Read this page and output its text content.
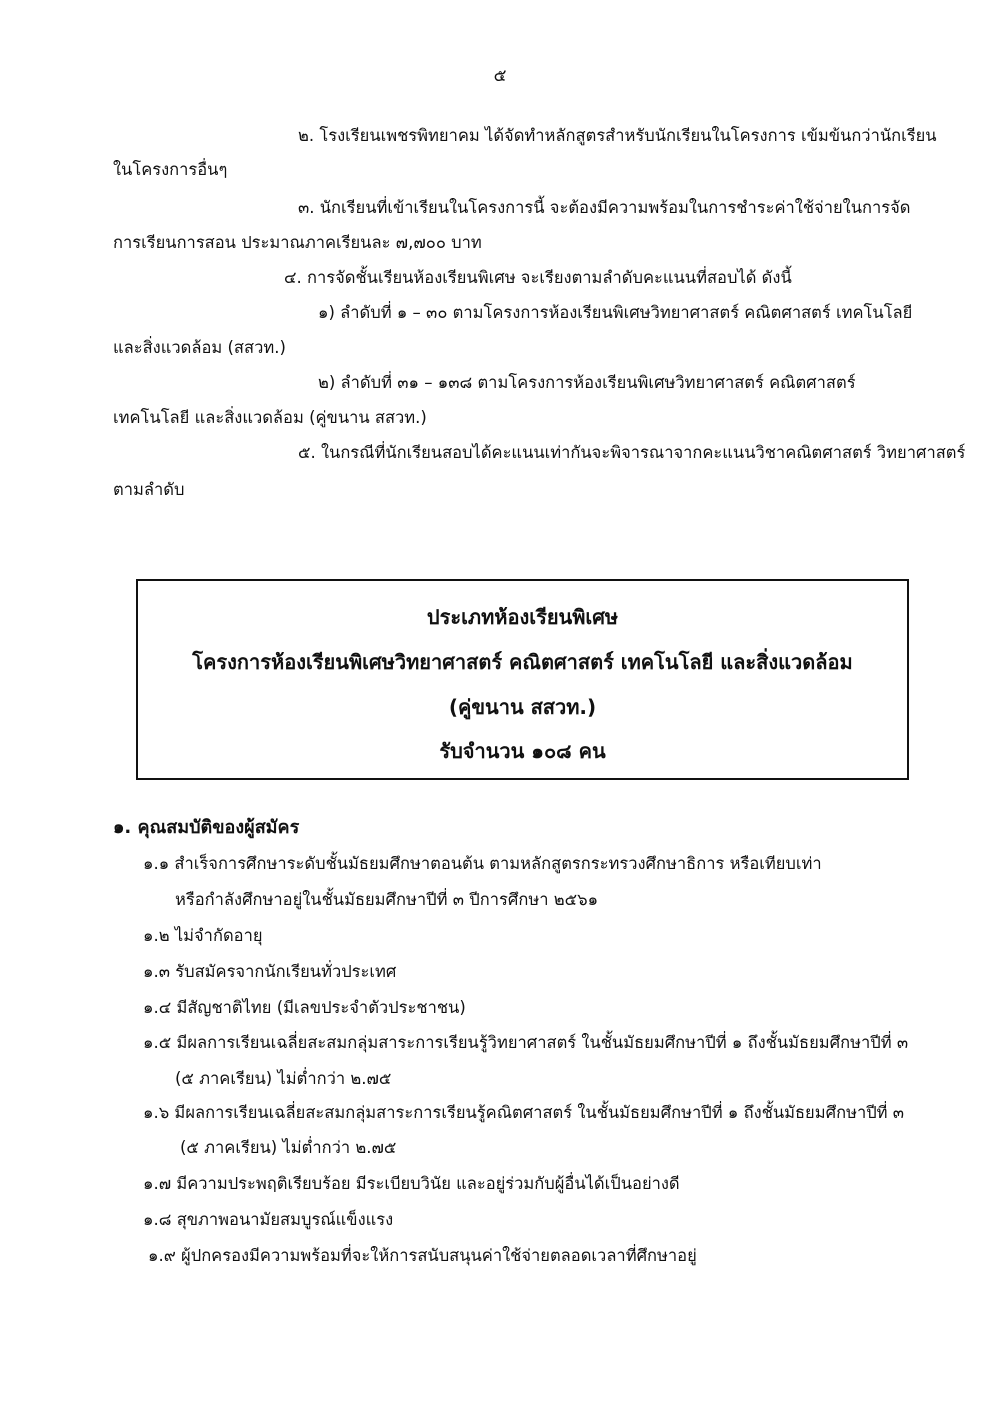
๕
๒. โรงเรียนเพชรพิทยาคม ได้จัดทำหลักสูตรสำหรับนักเรียนในโครงการ เข้มข้นกว่านักเรียน
ในโครงการอื่นๆ
๓. นักเรียนที่เข้าเรียนในโครงการนี้ จะต้องมีความพร้อมในการชำระค่าใช้จ่ายในการจัด
การเรียนการสอน ประมาณภาคเรียนละ ๗,๗๐๐ บาท
๔. การจัดชั้นเรียนห้องเรียนพิเศษ จะเรียงตามลำดับคะแนนที่สอบได้ ดังนี้
๑) ลำดับที่ ๑ – ๓๐ ตามโครงการห้องเรียนพิเศษวิทยาศาสตร์ คณิตศาสตร์ เทคโนโลยี
และสิ่งแวดล้อม (สสวท.)
๒) ลำดับที่ ๓๑ – ๑๓๘ ตามโครงการห้องเรียนพิเศษวิทยาศาสตร์ คณิตศาสตร์
เทคโนโลยี และสิ่งแวดล้อม (คู่ขนาน สสวท.)
๕. ในกรณีที่นักเรียนสอบได้คะแนนเท่ากันจะพิจารณาจากคะแนนวิชาคณิตศาสตร์ วิทยาศาสตร์
ตามลำดับ
ประเภทห้องเรียนพิเศษ
โครงการห้องเรียนพิเศษวิทยาศาสตร์ คณิตศาสตร์ เทคโนโลยี และสิ่งแวดล้อม
(คู่ขนาน สสวท.)
รับจำนวน ๑๐๘ คน
๑. คุณสมบัติของผู้สมัคร
๑.๑ สำเร็จการศึกษาระดับชั้นมัธยมศึกษาตอนต้น ตามหลักสูตรกระทรวงศึกษาธิการ หรือเทียบเท่า
หรือกำลังศึกษาอยู่ในชั้นมัธยมศึกษาปีที่ ๓ ปีการศึกษา ๒๕๖๑
๑.๒ ไม่จำกัดอายุ
๑.๓ รับสมัครจากนักเรียนทั่วประเทศ
๑.๔ มีสัญชาติไทย (มีเลขประจำตัวประชาชน)
๑.๕ มีผลการเรียนเฉลี่ยสะสมกลุ่มสาระการเรียนรู้วิทยาศาสตร์ ในชั้นมัธยมศึกษาปีที่ ๑ ถึงชั้นมัธยมศึกษาปีที่ ๓
(๕ ภาคเรียน) ไม่ต่ำกว่า ๒.๗๕
๑.๖ มีผลการเรียนเฉลี่ยสะสมกลุ่มสาระการเรียนรู้คณิตศาสตร์ ในชั้นมัธยมศึกษาปีที่ ๑ ถึงชั้นมัธยมศึกษาปีที่ ๓
(๕ ภาคเรียน) ไม่ต่ำกว่า ๒.๗๕
๑.๗ มีความประพฤติเรียบร้อย มีระเบียบวินัย และอยู่ร่วมกับผู้อื่นได้เป็นอย่างดี
๑.๘ สุขภาพอนามัยสมบูรณ์แข็งแรง
๑.๙ ผู้ปกครองมีความพร้อมที่จะให้การสนับสนุนค่าใช้จ่ายตลอดเวลาที่ศึกษาอยู่
